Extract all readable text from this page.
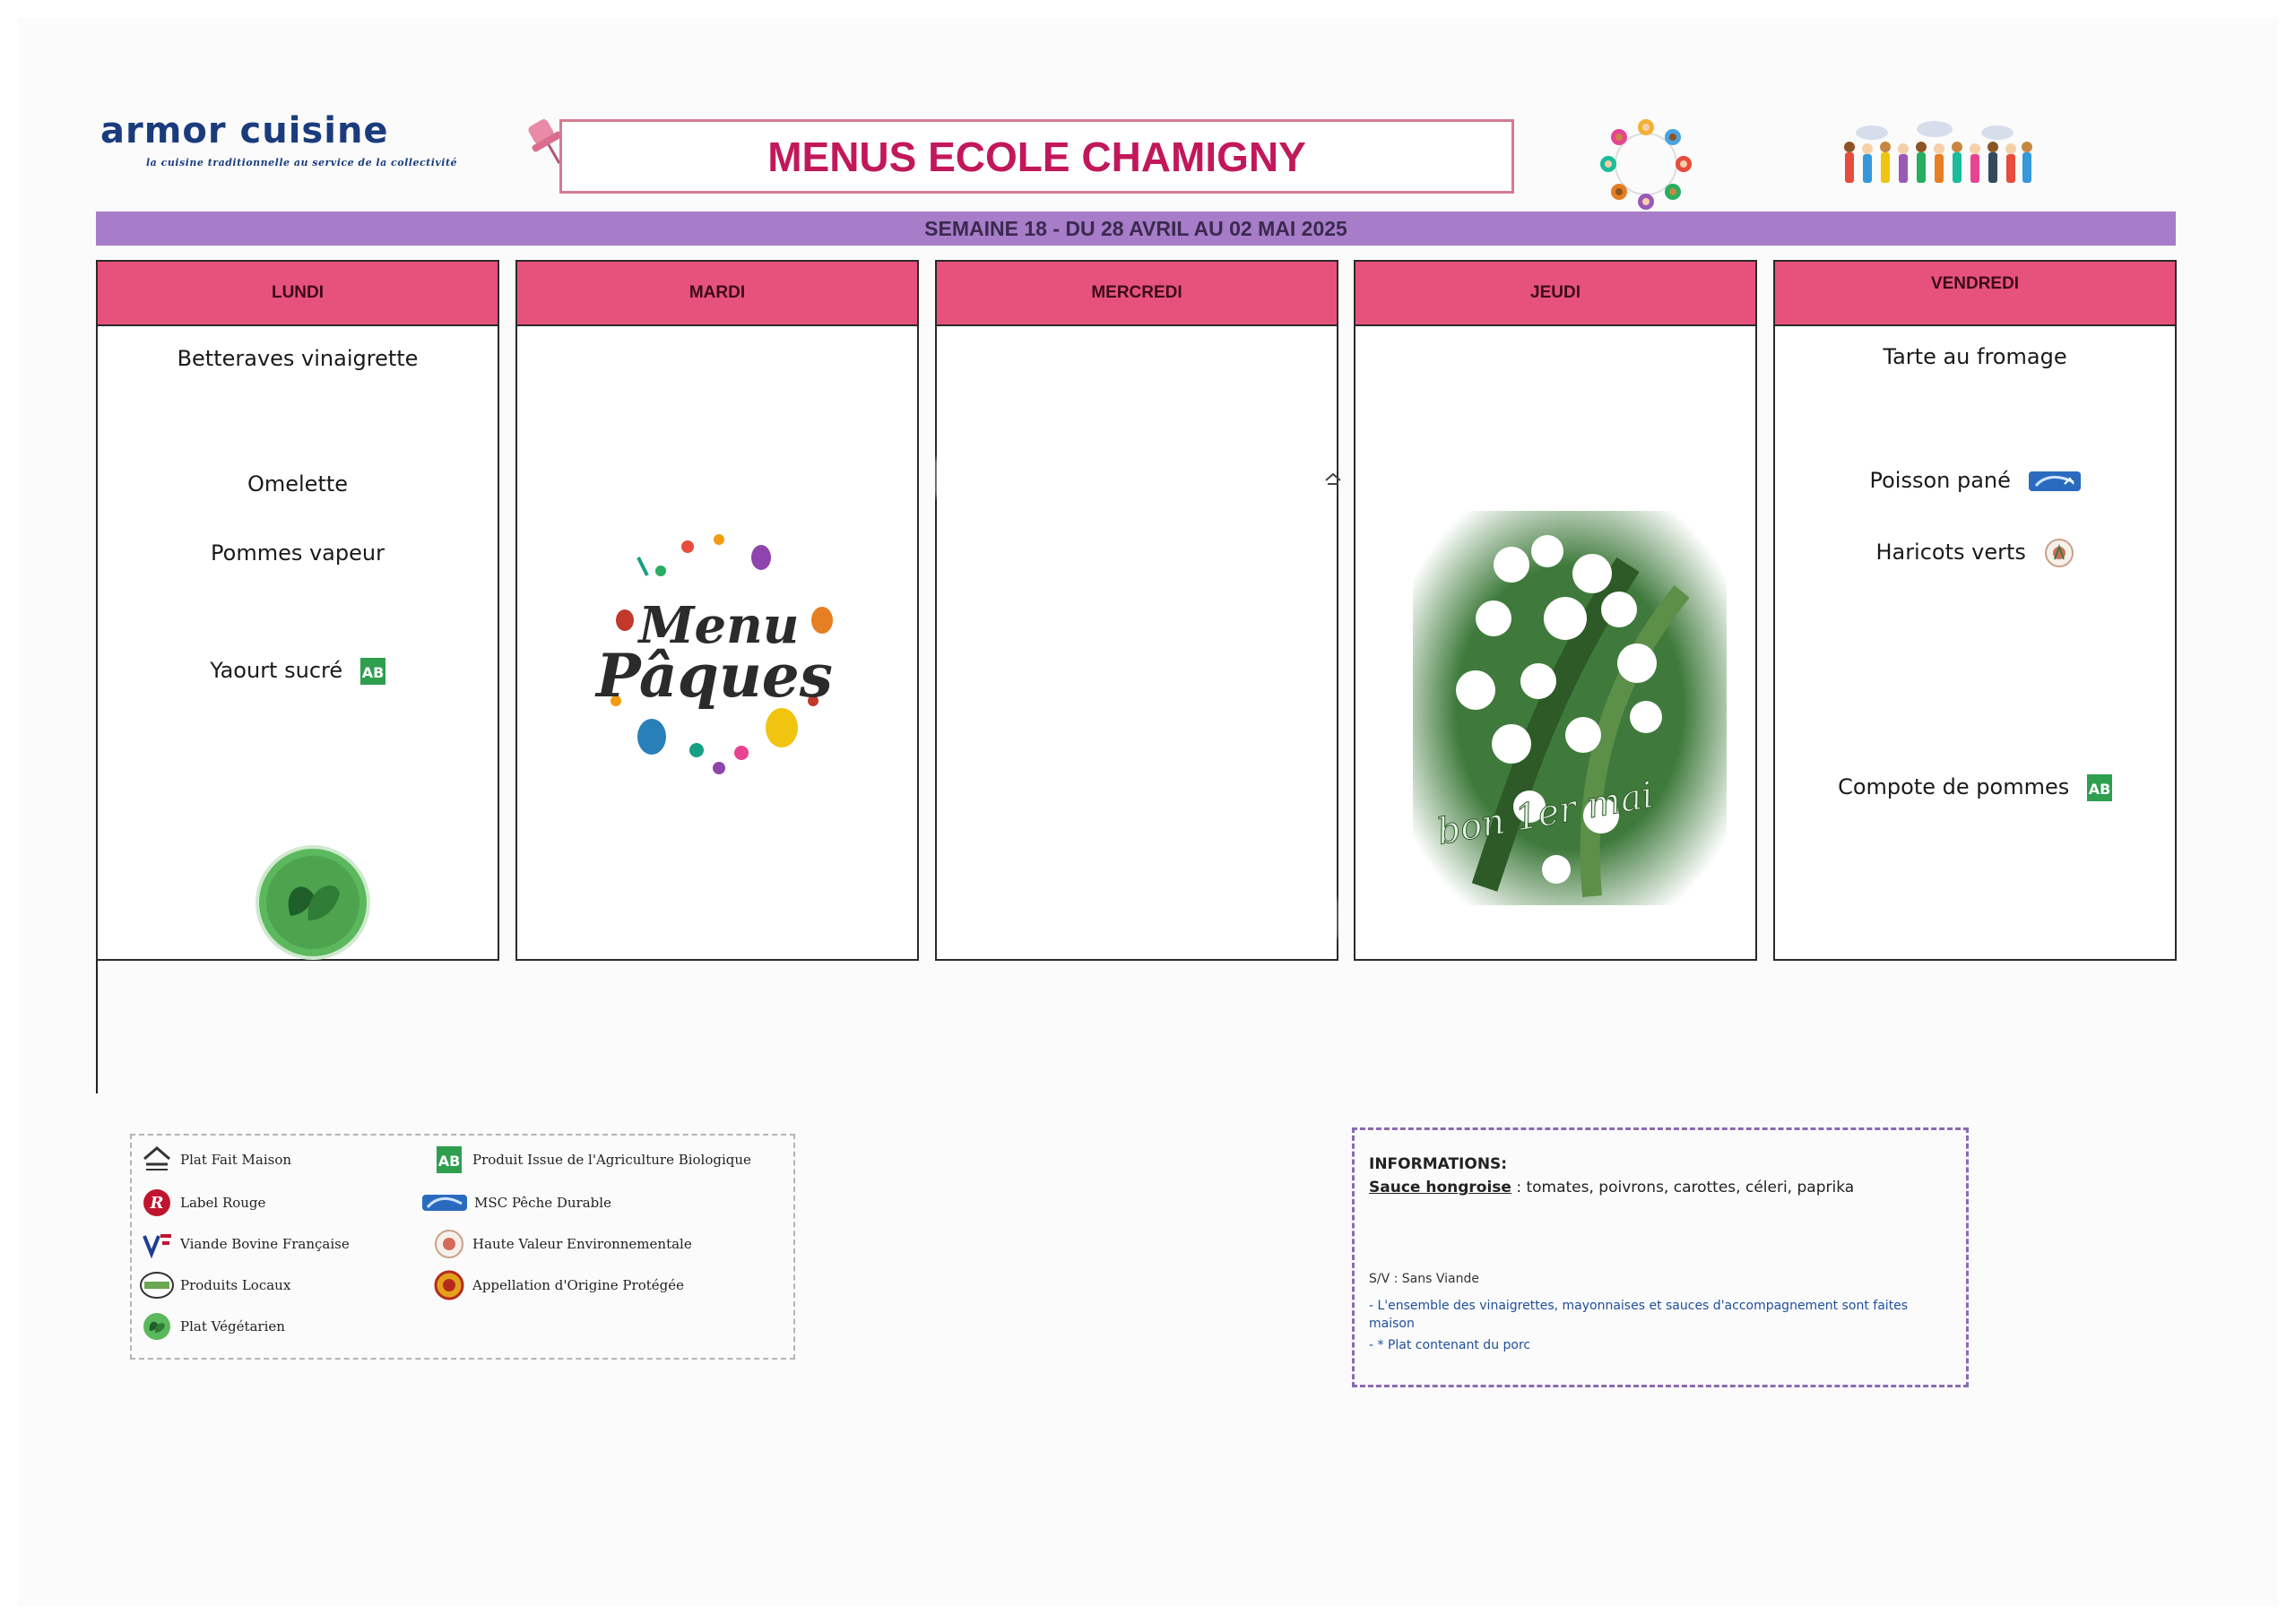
armor cuisine
la cuisine traditionnelle au service de la collectivité	MENUS ECOLE CHAMIGNY
SEMAINE 18 - DU 28 AVRIL AU 02 MAI 2025
LUNDI
Betteraves vinaigrette
Omelette
Pommes vapeur
Yaourt sucré AB
MARDI
Menu
Pâques
MERCREDI	JEUDI
bon 1er mai
VENDREDI
Tarte au fromage
Poisson pané
Haricots verts
Compote de pommes AB
Plat Fait Maison
R Label Rouge
Viande Bovine Française
Produits Locaux
Plat Végétarien
AB Produit Issue de l'Agriculture Biologique
MSC Pêche Durable
Haute Valeur Environnementale
Appellation d'Origine Protégée
INFORMATIONS:
Sauce hongroise : tomates, poivrons, carottes, céleri, paprika
S/V : Sans Viande
- L'ensemble des vinaigrettes, mayonnaises et sauces d'accompagnement sont faites maison
- * Plat contenant du porc
